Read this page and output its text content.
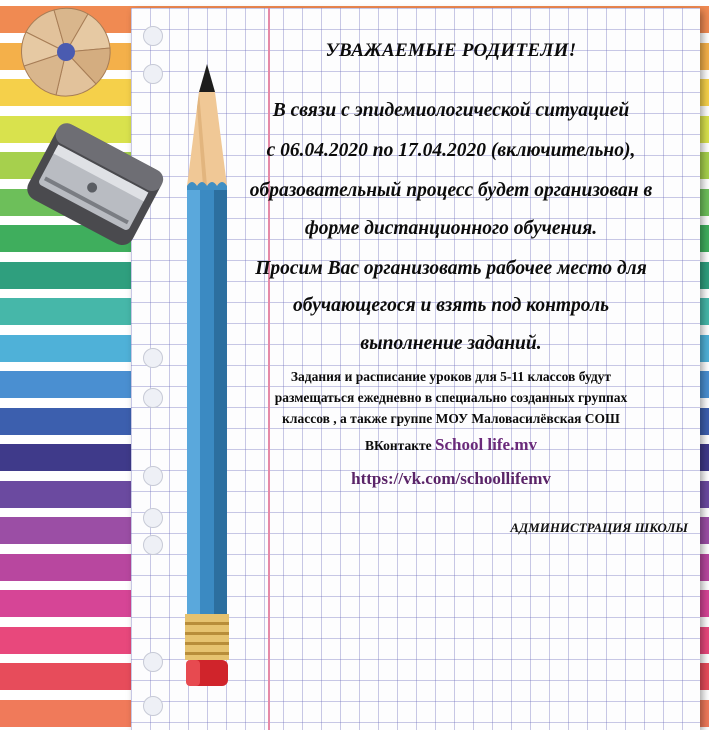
УВАЖАЕМЫЕ РОДИТЕЛИ!
В связи с эпидемиологической ситуацией
с 06.04.2020 по 17.04.2020 (включительно),
образовательный процесс будет организован в
форме дистанционного обучения.
Просим Вас организовать рабочее место для
обучающегося и взять под контроль
выполнение заданий.
Задания и расписание уроков для 5-11 классов будут
размещаться ежедневно в специально созданных группах
классов , а также группе МОУ Маловасилёвская СОШ
ВКонтакте School life.mv
https://vk.com/schoollifemv
АДМИНИСТРАЦИЯ ШКОЛЫ
